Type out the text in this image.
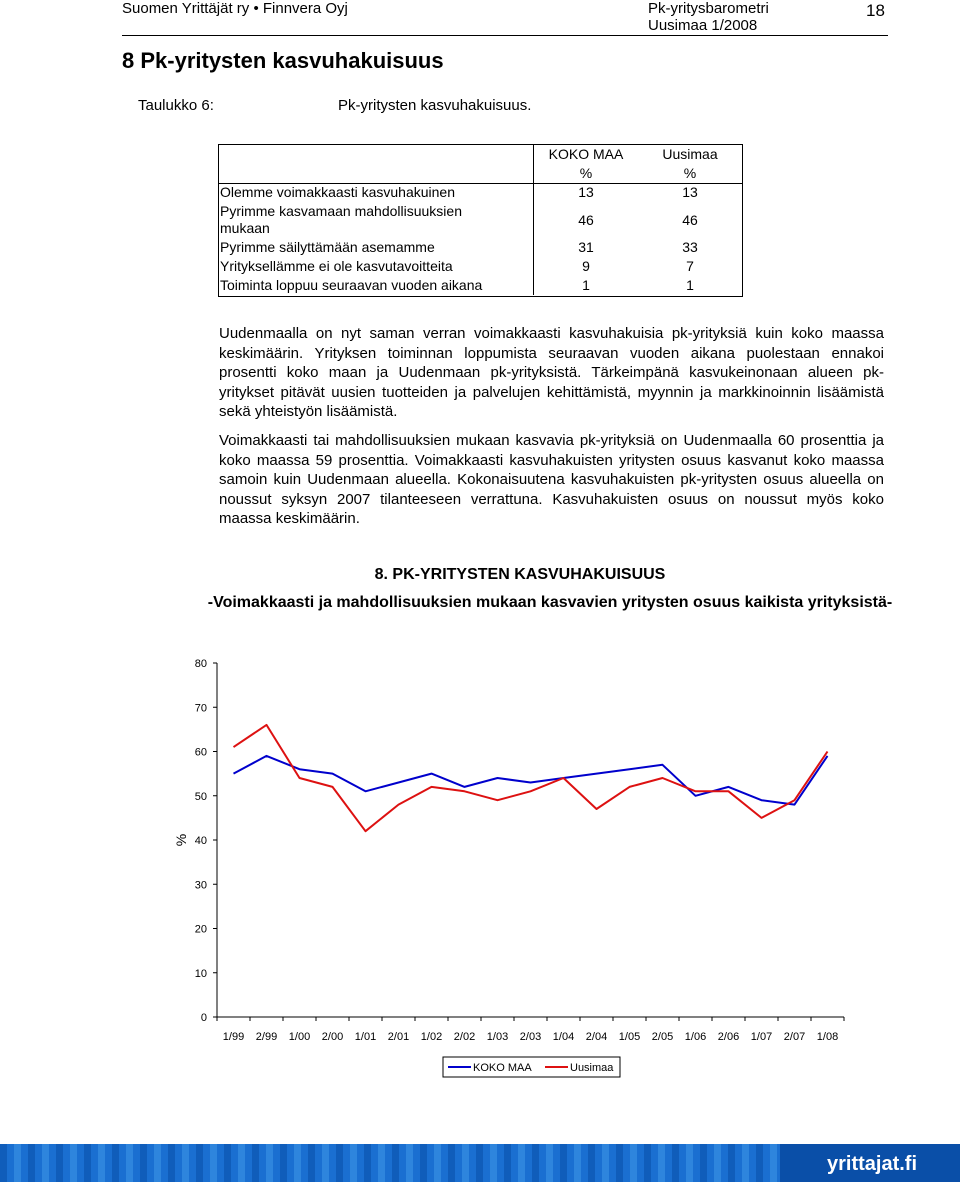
Suomen Yrittäjät ry • Finnvera Oyj	Pk-yritysbarometri
Uusimaa 1/2008
18
8 Pk-yritysten kasvuhakuisuus
Taulukko 6:	Pk-yritysten kasvuhakuisuus.
	KOKO MAA	Uusimaa
	%	%
Olemme voimakkaasti kasvuhakuinen	13	13
Pyrimme kasvamaan mahdollisuuksien mukaan	46	46
Pyrimme säilyttämään asemamme	31	33
Yrityksellämme ei ole kasvutavoitteita	9	7
Toiminta loppuu seuraavan vuoden aikana	1	1
Uudenmaalla on nyt saman verran voimakkaasti kasvuhakuisia pk-yrityksiä kuin koko maassa keskimäärin. Yrityksen toiminnan loppumista seuraavan vuoden aikana puolestaan ennakoi prosentti koko maan ja Uudenmaan pk-yrityksistä. Tärkeimpänä kasvukeinonaan alueen pk-yritykset pitävät uusien tuotteiden ja palvelujen kehittämistä, myynnin ja markkinoinnin lisäämistä sekä yhteistyön lisäämistä.
Voimakkaasti tai mahdollisuuksien mukaan kasvavia pk-yrityksiä on Uudenmaalla 60 prosenttia ja koko maassa 59 prosenttia. Voimakkaasti kasvuhakuisten yritysten osuus kasvanut koko maassa samoin kuin Uudenmaan alueella. Kokonaisuutena kasvuhakuisten pk-yritysten osuus alueella on noussut syksyn 2007 tilanteeseen verrattuna. Kasvuhakuisten osuus on noussut myös koko maassa keskimäärin.
8. PK-YRITYSTEN KASVUHAKUISUUS
-Voimakkaasti ja mahdollisuuksien mukaan kasvavien yritysten osuus kaikista yrityksistä-
0
10
20
30
40
50
60
70
80
%
1/99 2/99 1/00 2/00 1/01 2/01 1/02 2/02 1/03 2/03 1/04 2/04 1/05 2/05 1/06 2/06 1/07 2/07 1/08
KOKO MAA	Uusimaa
yrittajat.fi
